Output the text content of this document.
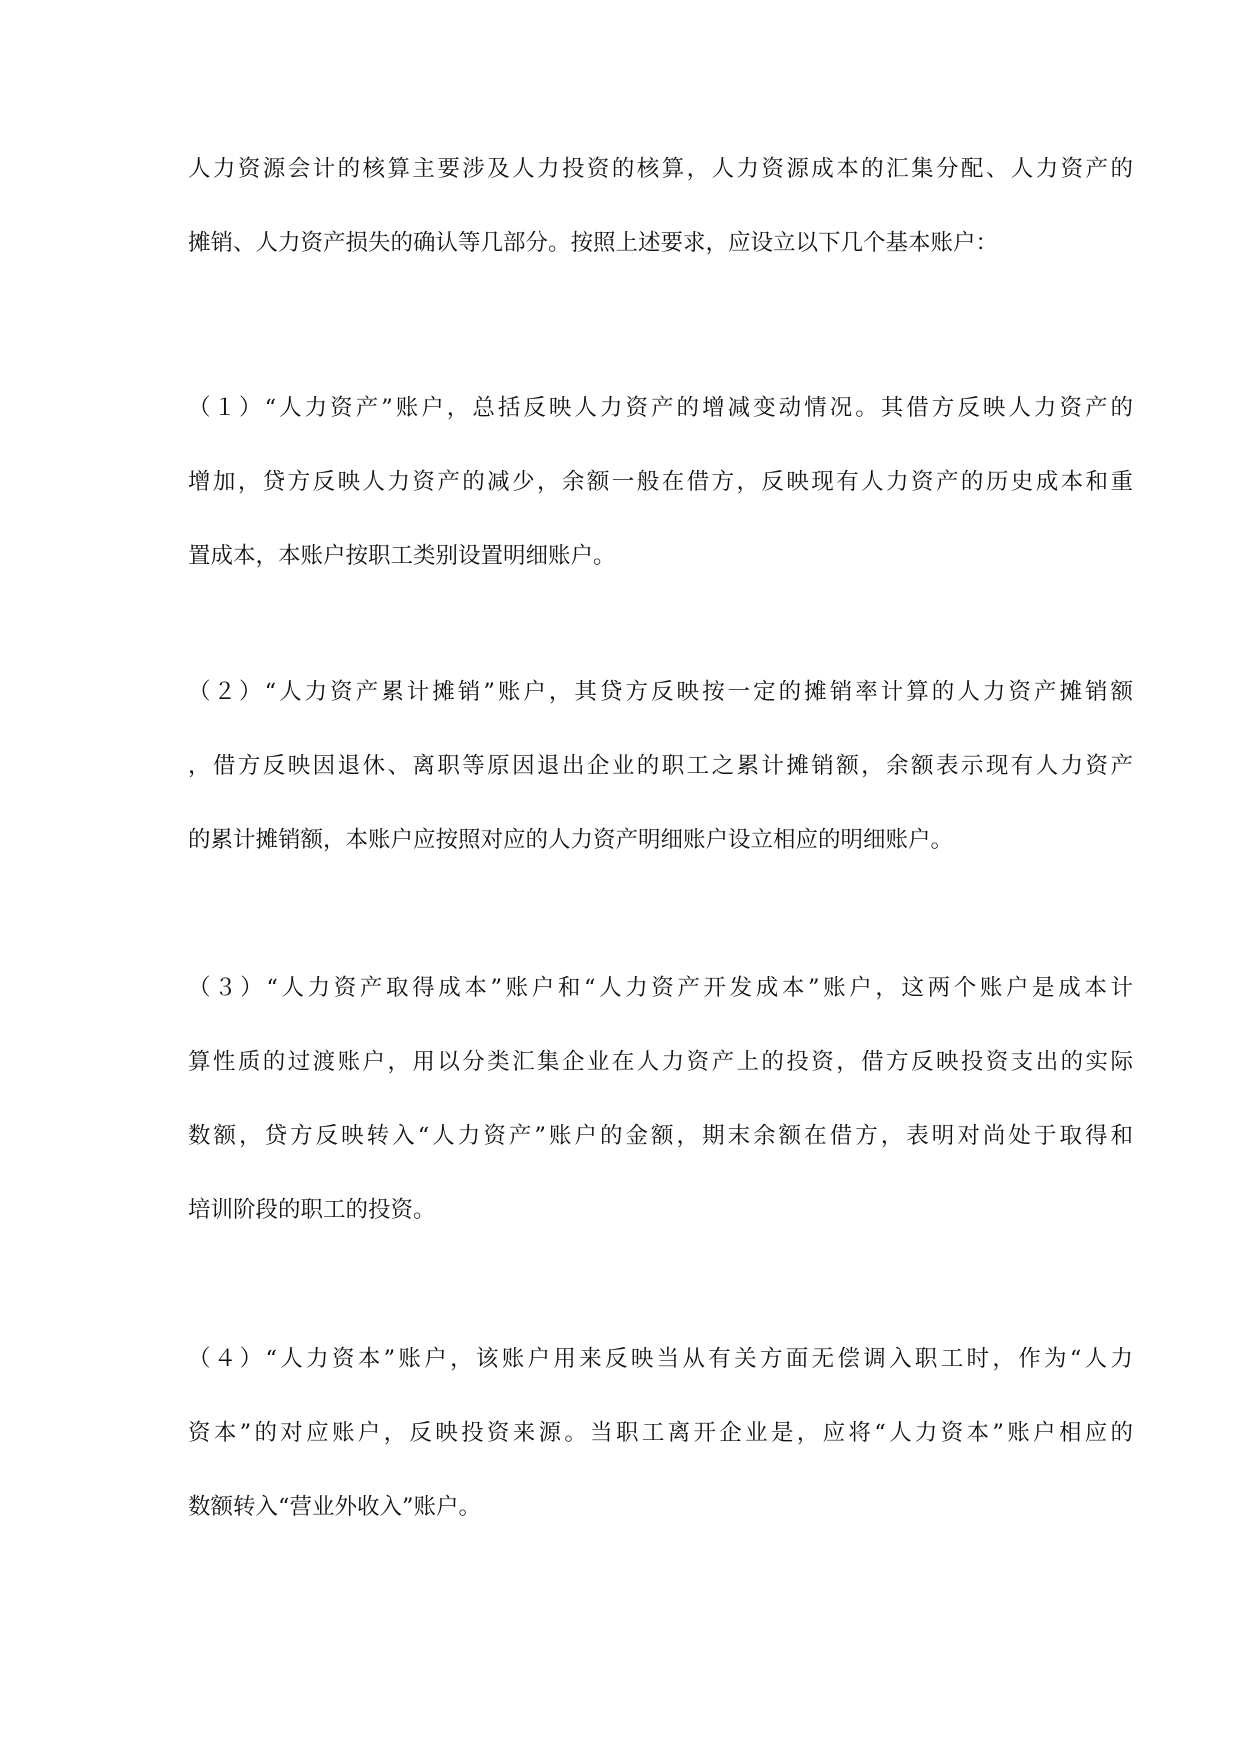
人力资源会计的核算主要涉及人力投资的核算，人力资源成本的汇集分配、人力资产的
摊销、人力资产损失的确认等几部分。按照上述要求，应设立以下几个基本账户：
（１）“人力资产”账户，总括反映人力资产的增减变动情况。其借方反映人力资产的
增加，贷方反映人力资产的减少，余额一般在借方，反映现有人力资产的历史成本和重
置成本，本账户按职工类别设置明细账户。
（２）“人力资产累计摊销”账户，其贷方反映按一定的摊销率计算的人力资产摊销额
，借方反映因退休、离职等原因退出企业的职工之累计摊销额，余额表示现有人力资产
的累计摊销额，本账户应按照对应的人力资产明细账户设立相应的明细账户。
（３）“人力资产取得成本”账户和“人力资产开发成本”账户，这两个账户是成本计
算性质的过渡账户，用以分类汇集企业在人力资产上的投资，借方反映投资支出的实际
数额，贷方反映转入“人力资产”账户的金额，期末余额在借方，表明对尚处于取得和
培训阶段的职工的投资。
（４）“人力资本”账户，该账户用来反映当从有关方面无偿调入职工时，作为“人力
资本”的对应账户，反映投资来源。当职工离开企业是，应将“人力资本”账户相应的
数额转入“营业外收入”账户。
